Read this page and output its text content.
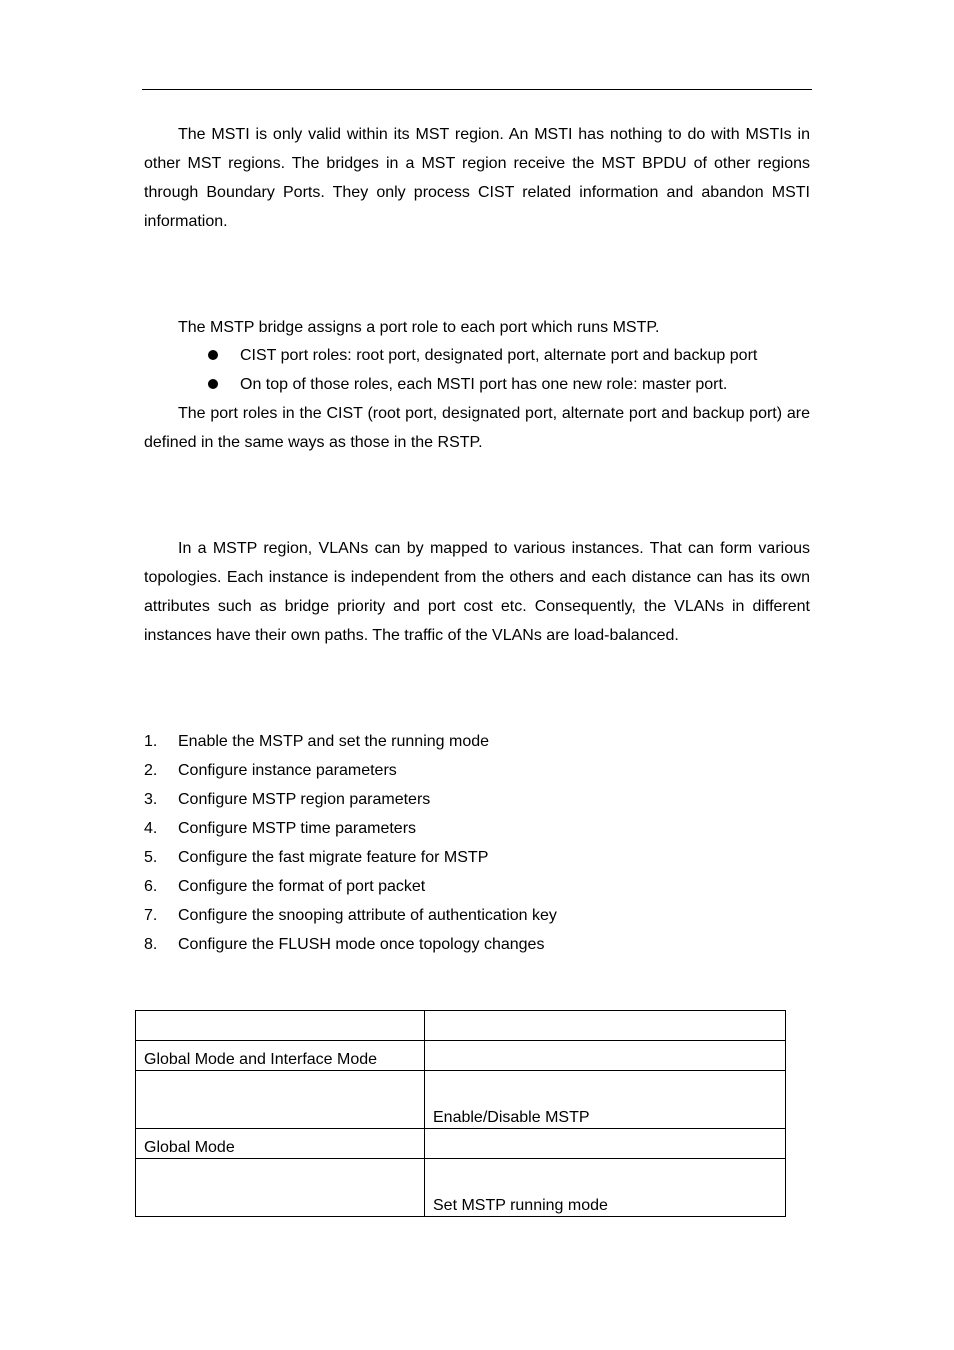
The MSTI is only valid within its MST region. An MSTI has nothing to do with MSTIs in other MST regions. The bridges in a MST region receive the MST BPDU of other regions through Boundary Ports. They only process CIST related information and abandon MSTI information.

The MSTP bridge assigns a port role to each port which runs MSTP.

CIST port roles: root port, designated port, alternate port and backup port
On top of those roles, each MSTI port has one new role: master port.

The port roles in the CIST (root port, designated port, alternate port and backup port) are defined in the same ways as those in the RSTP.

In a MSTP region, VLANs can by mapped to various instances. That can form various topologies. Each instance is independent from the others and each distance can has its own attributes such as bridge priority and port cost etc. Consequently, the VLANs in different instances have their own paths. The traffic of the VLANs are load-balanced.

1. Enable the MSTP and set the running mode
2. Configure instance parameters
3. Configure MSTP region parameters
4. Configure MSTP time parameters
5. Configure the fast migrate feature for MSTP
6. Configure the format of port packet
7. Configure the snooping attribute of authentication key
8. Configure the FLUSH mode once topology changes

Global Mode and Interface Mode	
	Enable/Disable MSTP
Global Mode	
	Set MSTP running mode
